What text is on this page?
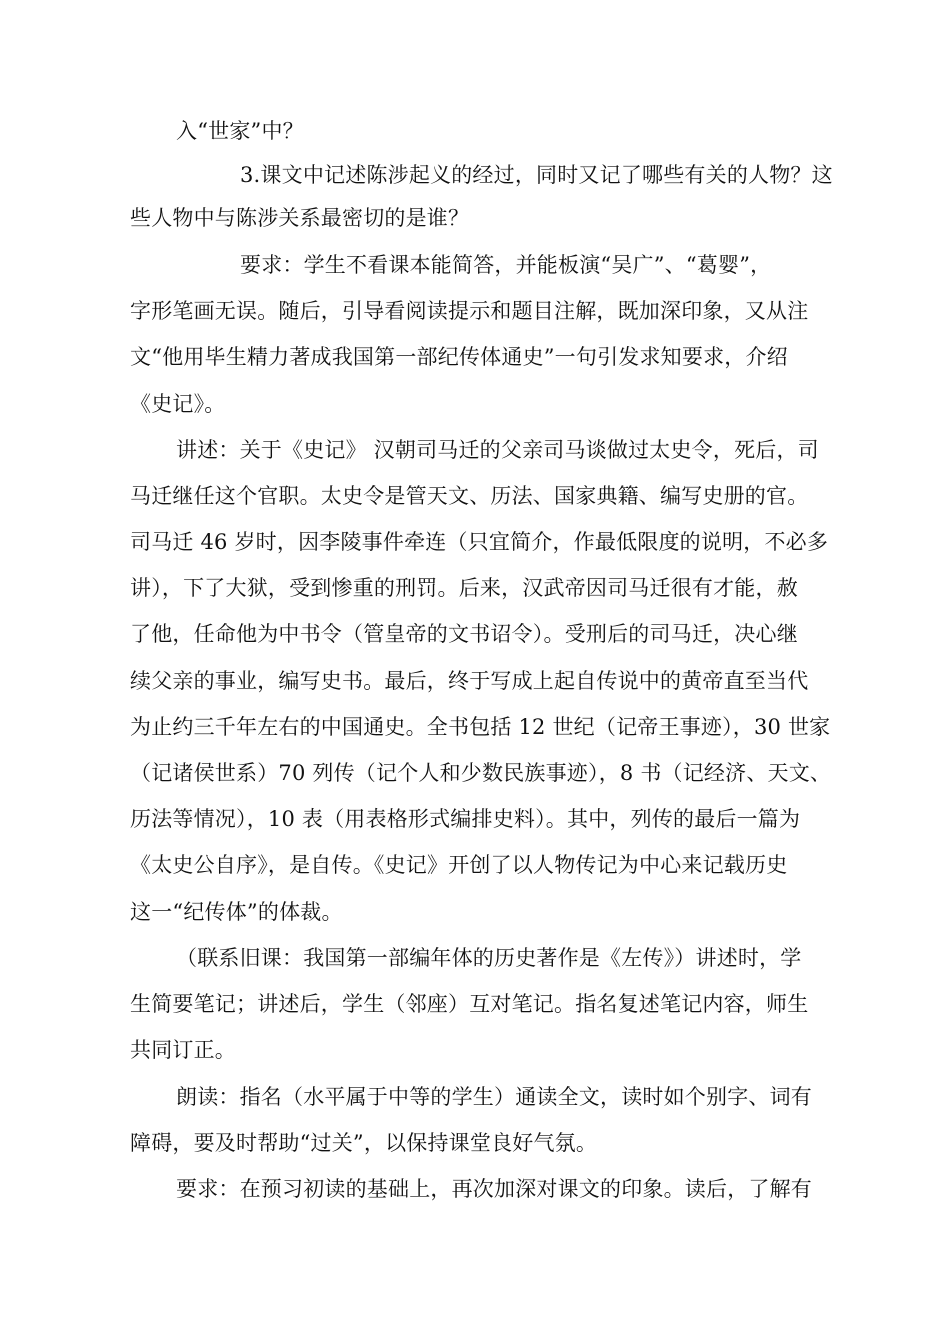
入“世家”中？
3.课文中记述陈涉起义的经过，同时又记了哪些有关的人物？这
些人物中与陈涉关系最密切的是谁？
要求：学生不看课本能简答，并能板演“吴广”、“葛婴”，
字形笔画无误。随后，引导看阅读提示和题目注解，既加深印象，又从注
文“他用毕生精力著成我国第一部纪传体通史”一句引发求知要求，介绍
《史记》。
讲述：关于《史记》 汉朝司马迁的父亲司马谈做过太史令，死后，司
马迁继任这个官职。太史令是管天文、历法、国家典籍、编写史册的官。
司马迁 46 岁时，因李陵事件牵连（只宜简介，作最低限度的说明，不必多
讲），下了大狱，受到惨重的刑罚。后来，汉武帝因司马迁很有才能，赦
了他，任命他为中书令（管皇帝的文书诏令）。受刑后的司马迁，决心继
续父亲的事业，编写史书。最后，终于写成上起自传说中的黄帝直至当代
为止约三千年左右的中国通史。全书包括 12 世纪（记帝王事迹），30 世家
（记诸侯世系）70 列传（记个人和少数民族事迹），8 书（记经济、天文、
历法等情况），10 表（用表格形式编排史料）。其中，列传的最后一篇为
《太史公自序》，是自传。《史记》开创了以人物传记为中心来记载历史
这一“纪传体”的体裁。
（联系旧课：我国第一部编年体的历史著作是《左传》）讲述时，学
生简要笔记；讲述后，学生（邻座）互对笔记。指名复述笔记内容，师生
共同订正。
朗读：指名（水平属于中等的学生）通读全文，读时如个别字、词有
障碍，要及时帮助“过关”，以保持课堂良好气氛。
要求：在预习初读的基础上，再次加深对课文的印象。读后，了解有
